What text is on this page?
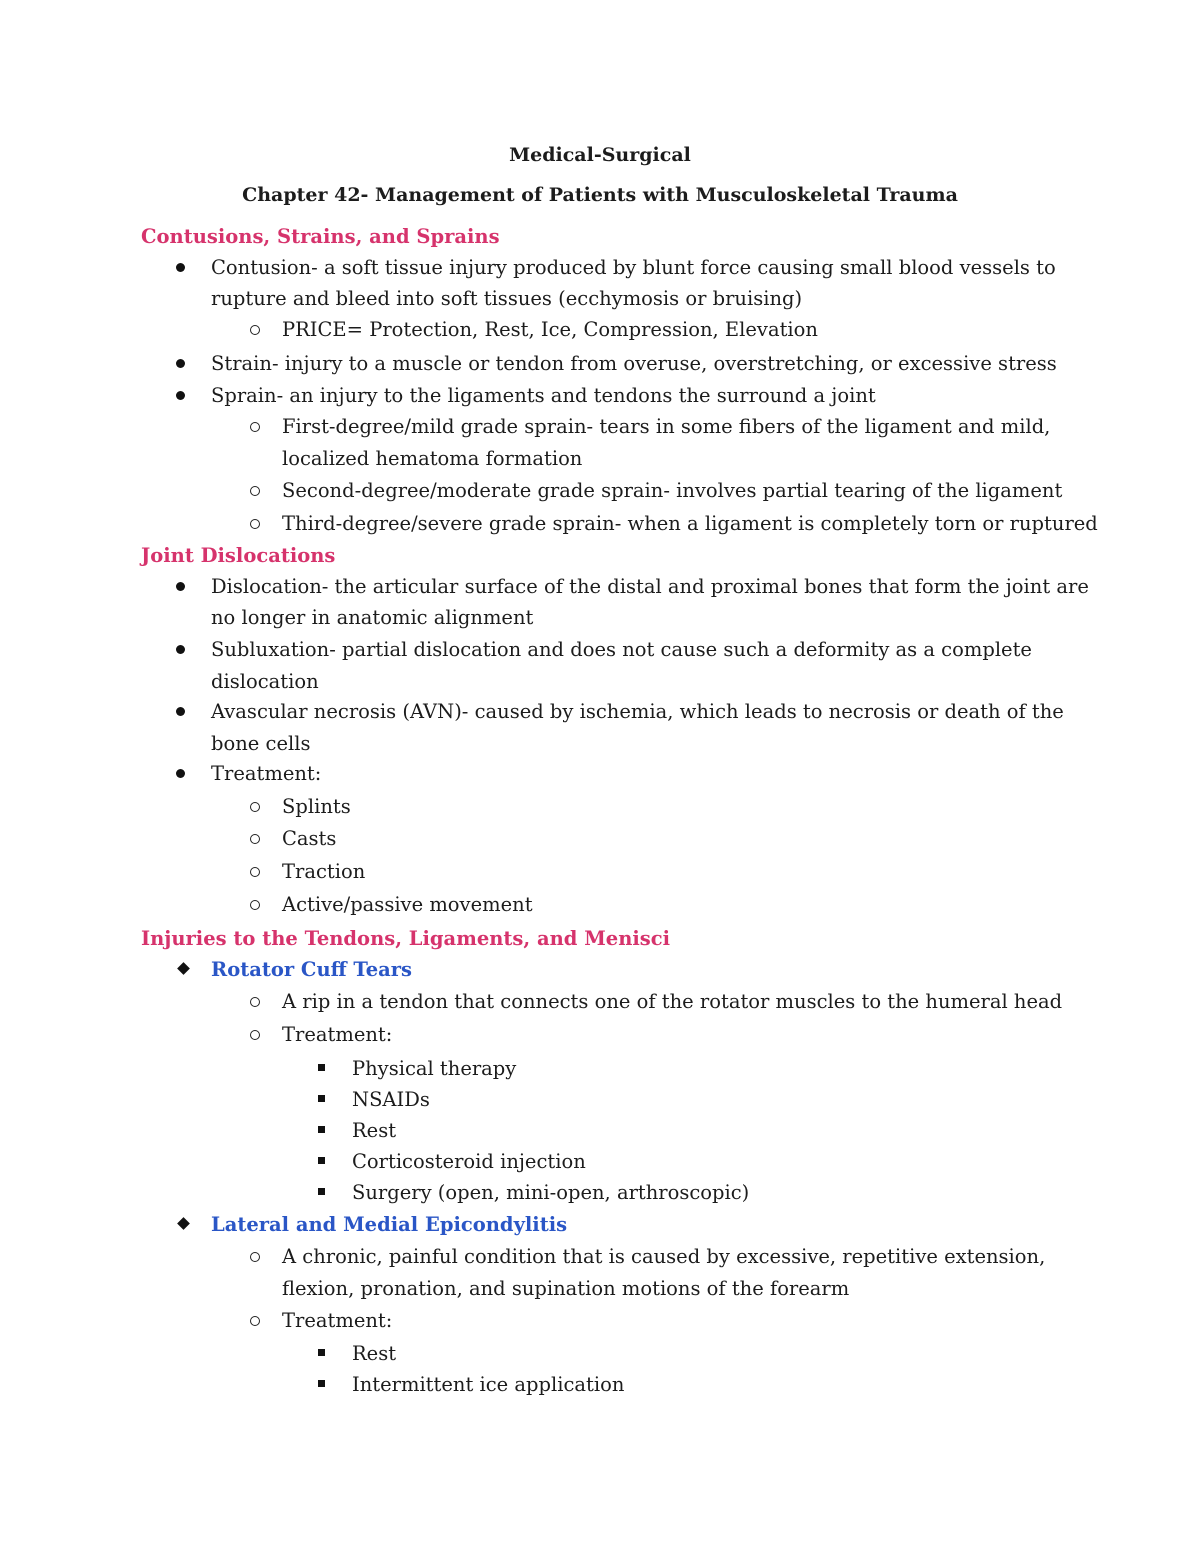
Medical-Surgical
Chapter 42- Management of Patients with Musculoskeletal Trauma
Contusions, Strains, and Sprains
Contusion- a soft tissue injury produced by blunt force causing small blood vessels to
rupture and bleed into soft tissues (ecchymosis or bruising)
PRICE= Protection, Rest, Ice, Compression, Elevation
Strain- injury to a muscle or tendon from overuse, overstretching, or excessive stress
Sprain- an injury to the ligaments and tendons the surround a joint
First-degree/mild grade sprain- tears in some fibers of the ligament and mild,
localized hematoma formation
Second-degree/moderate grade sprain- involves partial tearing of the ligament
Third-degree/severe grade sprain- when a ligament is completely torn or ruptured
Joint Dislocations
Dislocation- the articular surface of the distal and proximal bones that form the joint are
no longer in anatomic alignment
Subluxation- partial dislocation and does not cause such a deformity as a complete
dislocation
Avascular necrosis (AVN)- caused by ischemia, which leads to necrosis or death of the
bone cells
Treatment:
Splints
Casts
Traction
Active/passive movement
Injuries to the Tendons, Ligaments, and Menisci
Rotator Cuff Tears
A rip in a tendon that connects one of the rotator muscles to the humeral head
Treatment:
Physical therapy
NSAIDs
Rest
Corticosteroid injection
Surgery (open, mini-open, arthroscopic)
Lateral and Medial Epicondylitis
A chronic, painful condition that is caused by excessive, repetitive extension,
flexion, pronation, and supination motions of the forearm
Treatment:
Rest
Intermittent ice application
